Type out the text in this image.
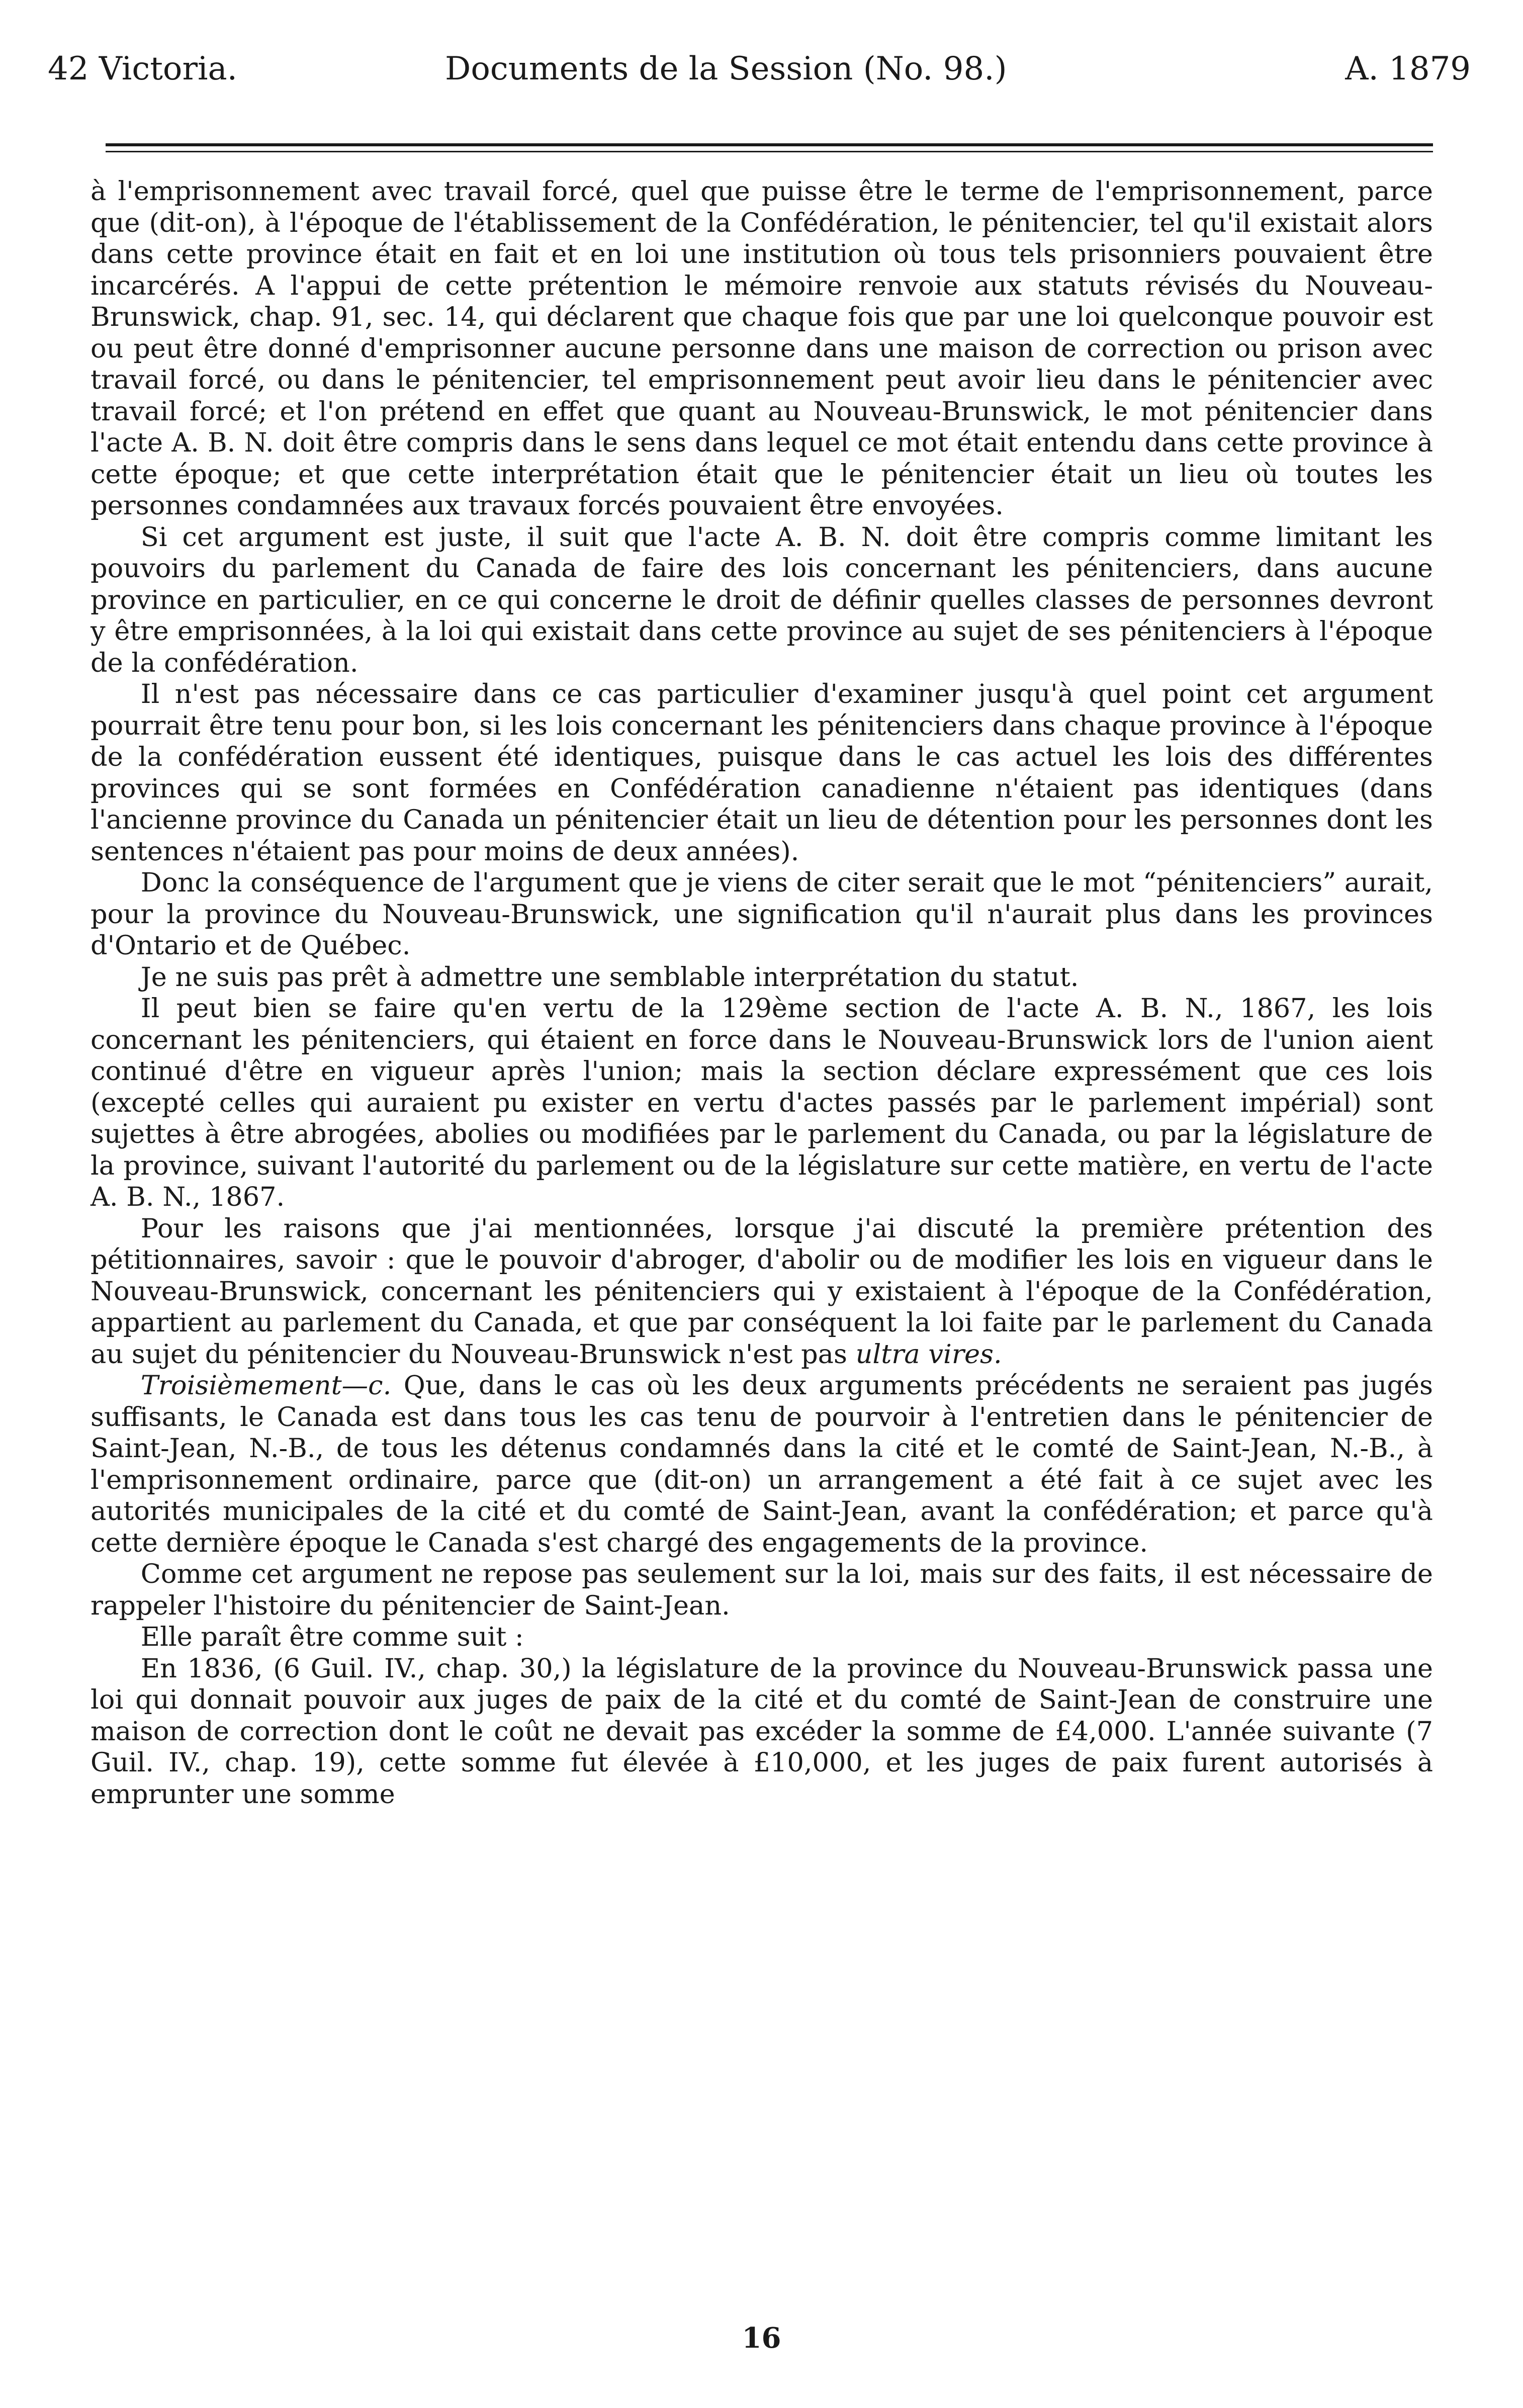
42 Victoria.	Documents de la Session (No. 98.)	A. 1879

à l'emprisonnement avec travail forcé, quel que puisse être le terme de l'emprisonnement, parce que (dit-on), à l'époque de l'établissement de la Confédération, le pénitencier, tel qu'il existait alors dans cette province était en fait et en loi une institution où tous tels prisonniers pouvaient être incarcérés. A l'appui de cette prétention le mémoire renvoie aux statuts révisés du Nouveau-Brunswick, chap. 91, sec. 14, qui déclarent que chaque fois que par une loi quelconque pouvoir est ou peut être donné d'emprisonner aucune personne dans une maison de correction ou prison avec travail forcé, ou dans le pénitencier, tel emprisonnement peut avoir lieu dans le pénitencier avec travail forcé; et l'on prétend en effet que quant au Nouveau-Brunswick, le mot pénitencier dans l'acte A. B. N. doit être compris dans le sens dans lequel ce mot était entendu dans cette province à cette époque; et que cette interprétation était que le pénitencier était un lieu où toutes les personnes condamnées aux travaux forcés pouvaient être envoyées.

Si cet argument est juste, il suit que l'acte A. B. N. doit être compris comme limitant les pouvoirs du parlement du Canada de faire des lois concernant les pénitenciers, dans aucune province en particulier, en ce qui concerne le droit de définir quelles classes de personnes devront y être emprisonnées, à la loi qui existait dans cette province au sujet de ses pénitenciers à l'époque de la confédération.

Il n'est pas nécessaire dans ce cas particulier d'examiner jusqu'à quel point cet argument pourrait être tenu pour bon, si les lois concernant les pénitenciers dans chaque province à l'époque de la confédération eussent été identiques, puisque dans le cas actuel les lois des différentes provinces qui se sont formées en Confédération canadienne n'étaient pas identiques (dans l'ancienne province du Canada un pénitencier était un lieu de détention pour les personnes dont les sentences n'étaient pas pour moins de deux années).

Donc la conséquence de l'argument que je viens de citer serait que le mot “pénitenciers” aurait, pour la province du Nouveau-Brunswick, une signification qu'il n'aurait plus dans les provinces d'Ontario et de Québec.

Je ne suis pas prêt à admettre une semblable interprétation du statut.

Il peut bien se faire qu'en vertu de la 129ème section de l'acte A. B. N., 1867, les lois concernant les pénitenciers, qui étaient en force dans le Nouveau-Brunswick lors de l'union aient continué d'être en vigueur après l'union; mais la section déclare expressément que ces lois (excepté celles qui auraient pu exister en vertu d'actes passés par le parlement impérial) sont sujettes à être abrogées, abolies ou modifiées par le parlement du Canada, ou par la législature de la province, suivant l'autorité du parlement ou de la législature sur cette matière, en vertu de l'acte A. B. N., 1867.

Pour les raisons que j'ai mentionnées, lorsque j'ai discuté la première prétention des pétitionnaires, savoir : que le pouvoir d'abroger, d'abolir ou de modifier les lois en vigueur dans le Nouveau-Brunswick, concernant les pénitenciers qui y existaient à l'époque de la Confédération, appartient au parlement du Canada, et que par conséquent la loi faite par le parlement du Canada au sujet du pénitencier du Nouveau-Brunswick n'est pas ultra vires.

Troisièmement—c. Que, dans le cas où les deux arguments précédents ne seraient pas jugés suffisants, le Canada est dans tous les cas tenu de pourvoir à l'entretien dans le pénitencier de Saint-Jean, N.-B., de tous les détenus condamnés dans la cité et le comté de Saint-Jean, N.-B., à l'emprisonnement ordinaire, parce que (dit-on) un arrangement a été fait à ce sujet avec les autorités municipales de la cité et du comté de Saint-Jean, avant la confédération; et parce qu'à cette dernière époque le Canada s'est chargé des engagements de la province.

Comme cet argument ne repose pas seulement sur la loi, mais sur des faits, il est nécessaire de rappeler l'histoire du pénitencier de Saint-Jean.

Elle paraît être comme suit :

En 1836, (6 Guil. IV., chap. 30,) la législature de la province du Nouveau-Brunswick passa une loi qui donnait pouvoir aux juges de paix de la cité et du comté de Saint-Jean de construire une maison de correction dont le coût ne devait pas excéder la somme de £4,000. L'année suivante (7 Guil. IV., chap. 19), cette somme fut élevée à £10,000, et les juges de paix furent autorisés à emprunter une somme

16
